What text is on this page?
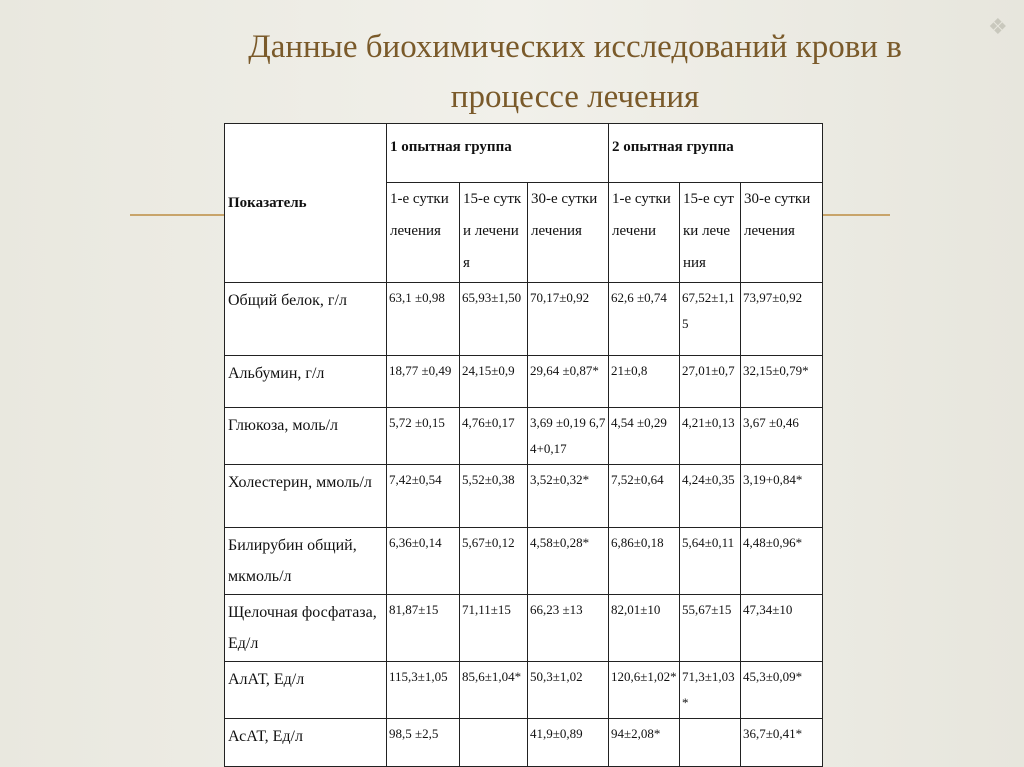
❖
Данные биохимических исследований крови в
процессе лечения
Показатель	1 опытная группа			2 опытная группа		
	1-е сутки лечения	15-е сутки лечения	30-е сутки лечения	1-е сутки лечени	15-е сутки лечения	30-е сутки лечения
Общий белок, г/л	63,1 ±0,98	65,93±1,50	70,17±0,92	62,6 ±0,74	67,52±1,15	73,97±0,92
Альбумин, г/л	18,77 ±0,49	24,15±0,9	29,64 ±0,87*	21±0,8	27,01±0,7	32,15±0,79*
Глюкоза, моль/л	5,72 ±0,15	4,76±0,17	3,69 ±0,19 6,74+0,17	4,54 ±0,29	4,21±0,13	3,67 ±0,46
Холестерин, ммоль/л	7,42±0,54	5,52±0,38	3,52±0,32*	7,52±0,64	4,24±0,35	3,19+0,84*
Билирубин общий, мкмоль/л	6,36±0,14	5,67±0,12	4,58±0,28*	6,86±0,18	5,64±0,11	4,48±0,96*
Щелочная фосфатаза, Ед/л	81,87±15	71,11±15	66,23 ±13	82,01±10	55,67±15	47,34±10
АлАТ, Ед/л	115,3±1,05	85,6±1,04*	50,3±1,02	120,6±1,02*	71,3±1,03*	45,3±0,09*
АсАТ, Ед/л	98,5 ±2,5		41,9±0,89	94±2,08*		36,7±0,41*
